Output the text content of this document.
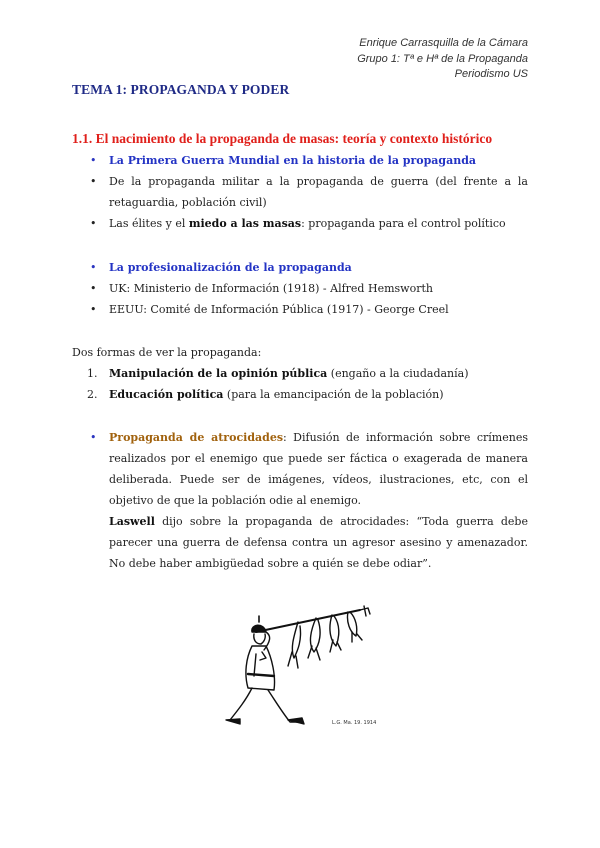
Enrique Carrasquilla de la Cámara
Grupo 1: Tª e Hª de la Propaganda
Periodismo US
TEMA 1: PROPAGANDA Y PODER
1.1. El nacimiento de la propaganda de masas: teoría y contexto histórico
• La Primera Guerra Mundial en la historia de la propaganda
• De la propaganda militar a la propaganda de guerra (del frente a la retaguardia, población civil)
• Las élites y el miedo a las masas: propaganda para el control político
• La profesionalización de la propaganda
• UK: Ministerio de Información (1918) - Alfred Hemsworth
• EEUU: Comité de Información Pública (1917) - George Creel
Dos formas de ver la propaganda:
1. Manipulación de la opinión pública (engaño a la ciudadanía)
2. Educación política (para la emancipación de la población)
• Propaganda de atrocidades: Difusión de información sobre crímenes realizados por el enemigo que puede ser fáctica o exagerada de manera deliberada. Puede ser de imágenes, vídeos, ilustraciones, etc, con el objetivo de que la población odie al enemigo.
Laswell dijo sobre la propaganda de atrocidades: “Toda guerra debe parecer una guerra de defensa contra un agresor asesino y amenazador. No debe haber ambigüedad sobre a quién se debe odiar”.
L.G. Ma. 19. 1914
